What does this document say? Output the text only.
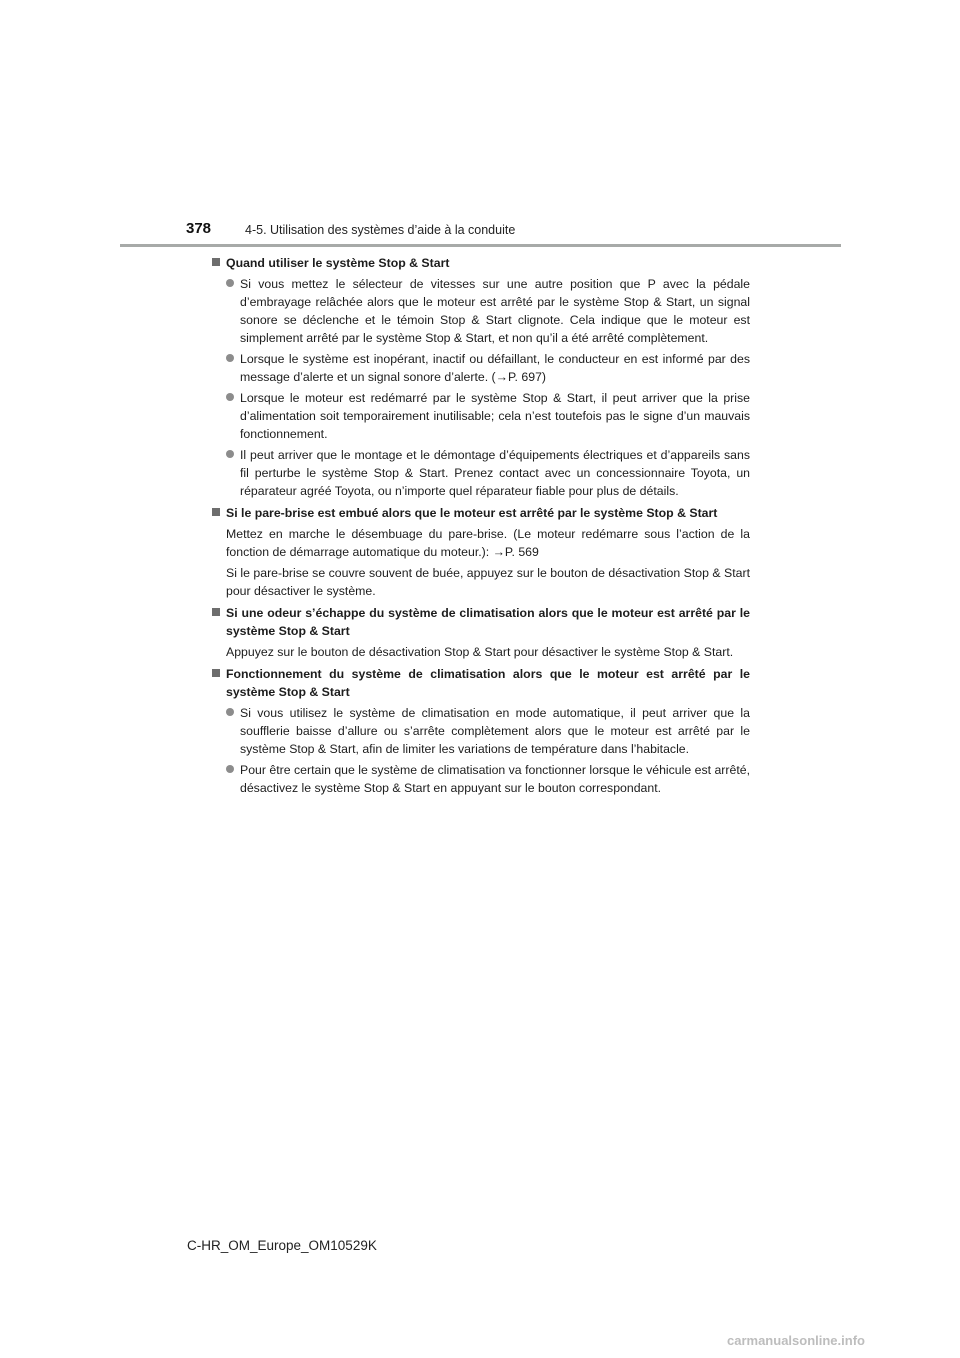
378	4-5. Utilisation des systèmes d’aide à la conduite
Quand utiliser le système Stop & Start
Si vous mettez le sélecteur de vitesses sur une autre position que P avec la pédale d’embrayage relâchée alors que le moteur est arrêté par le système Stop & Start, un signal sonore se déclenche et le témoin Stop & Start clignote. Cela indique que le moteur est simplement arrêté par le système Stop & Start, et non qu’il a été arrêté complètement.
Lorsque le système est inopérant, inactif ou défaillant, le conducteur en est informé par des message d’alerte et un signal sonore d’alerte. (→P. 697)
Lorsque le moteur est redémarré par le système Stop & Start, il peut arriver que la prise d’alimentation soit temporairement inutilisable; cela n’est toutefois pas le signe d’un mauvais fonctionnement.
Il peut arriver que le montage et le démontage d’équipements électriques et d’appareils sans fil perturbe le système Stop & Start. Prenez contact avec un concessionnaire Toyota, un réparateur agréé Toyota, ou n’importe quel réparateur fiable pour plus de détails.
Si le pare-brise est embué alors que le moteur est arrêté par le système Stop & Start

Mettez en marche le désembuage du pare-brise. (Le moteur redémarre sous l’action de la fonction de démarrage automatique du moteur.): →P. 569

Si le pare-brise se couvre souvent de buée, appuyez sur le bouton de désactivation Stop & Start pour désactiver le système.

Si une odeur s’échappe du système de climatisation alors que le moteur est arrêté par le système Stop & Start

Appuyez sur le bouton de désactivation Stop & Start pour désactiver le système Stop & Start.

Fonctionnement du système de climatisation alors que le moteur est arrêté par le système Stop & Start
Si vous utilisez le système de climatisation en mode automatique, il peut arriver que la soufflerie baisse d’allure ou s’arrête complètement alors que le moteur est arrêté par le système Stop & Start, afin de limiter les variations de température dans l’habitacle.
Pour être certain que le système de climatisation va fonctionner lorsque le véhicule est arrêté, désactivez le système Stop & Start en appuyant sur le bouton correspondant.
C-HR_OM_Europe_OM10529K
carmanualsonline.info
